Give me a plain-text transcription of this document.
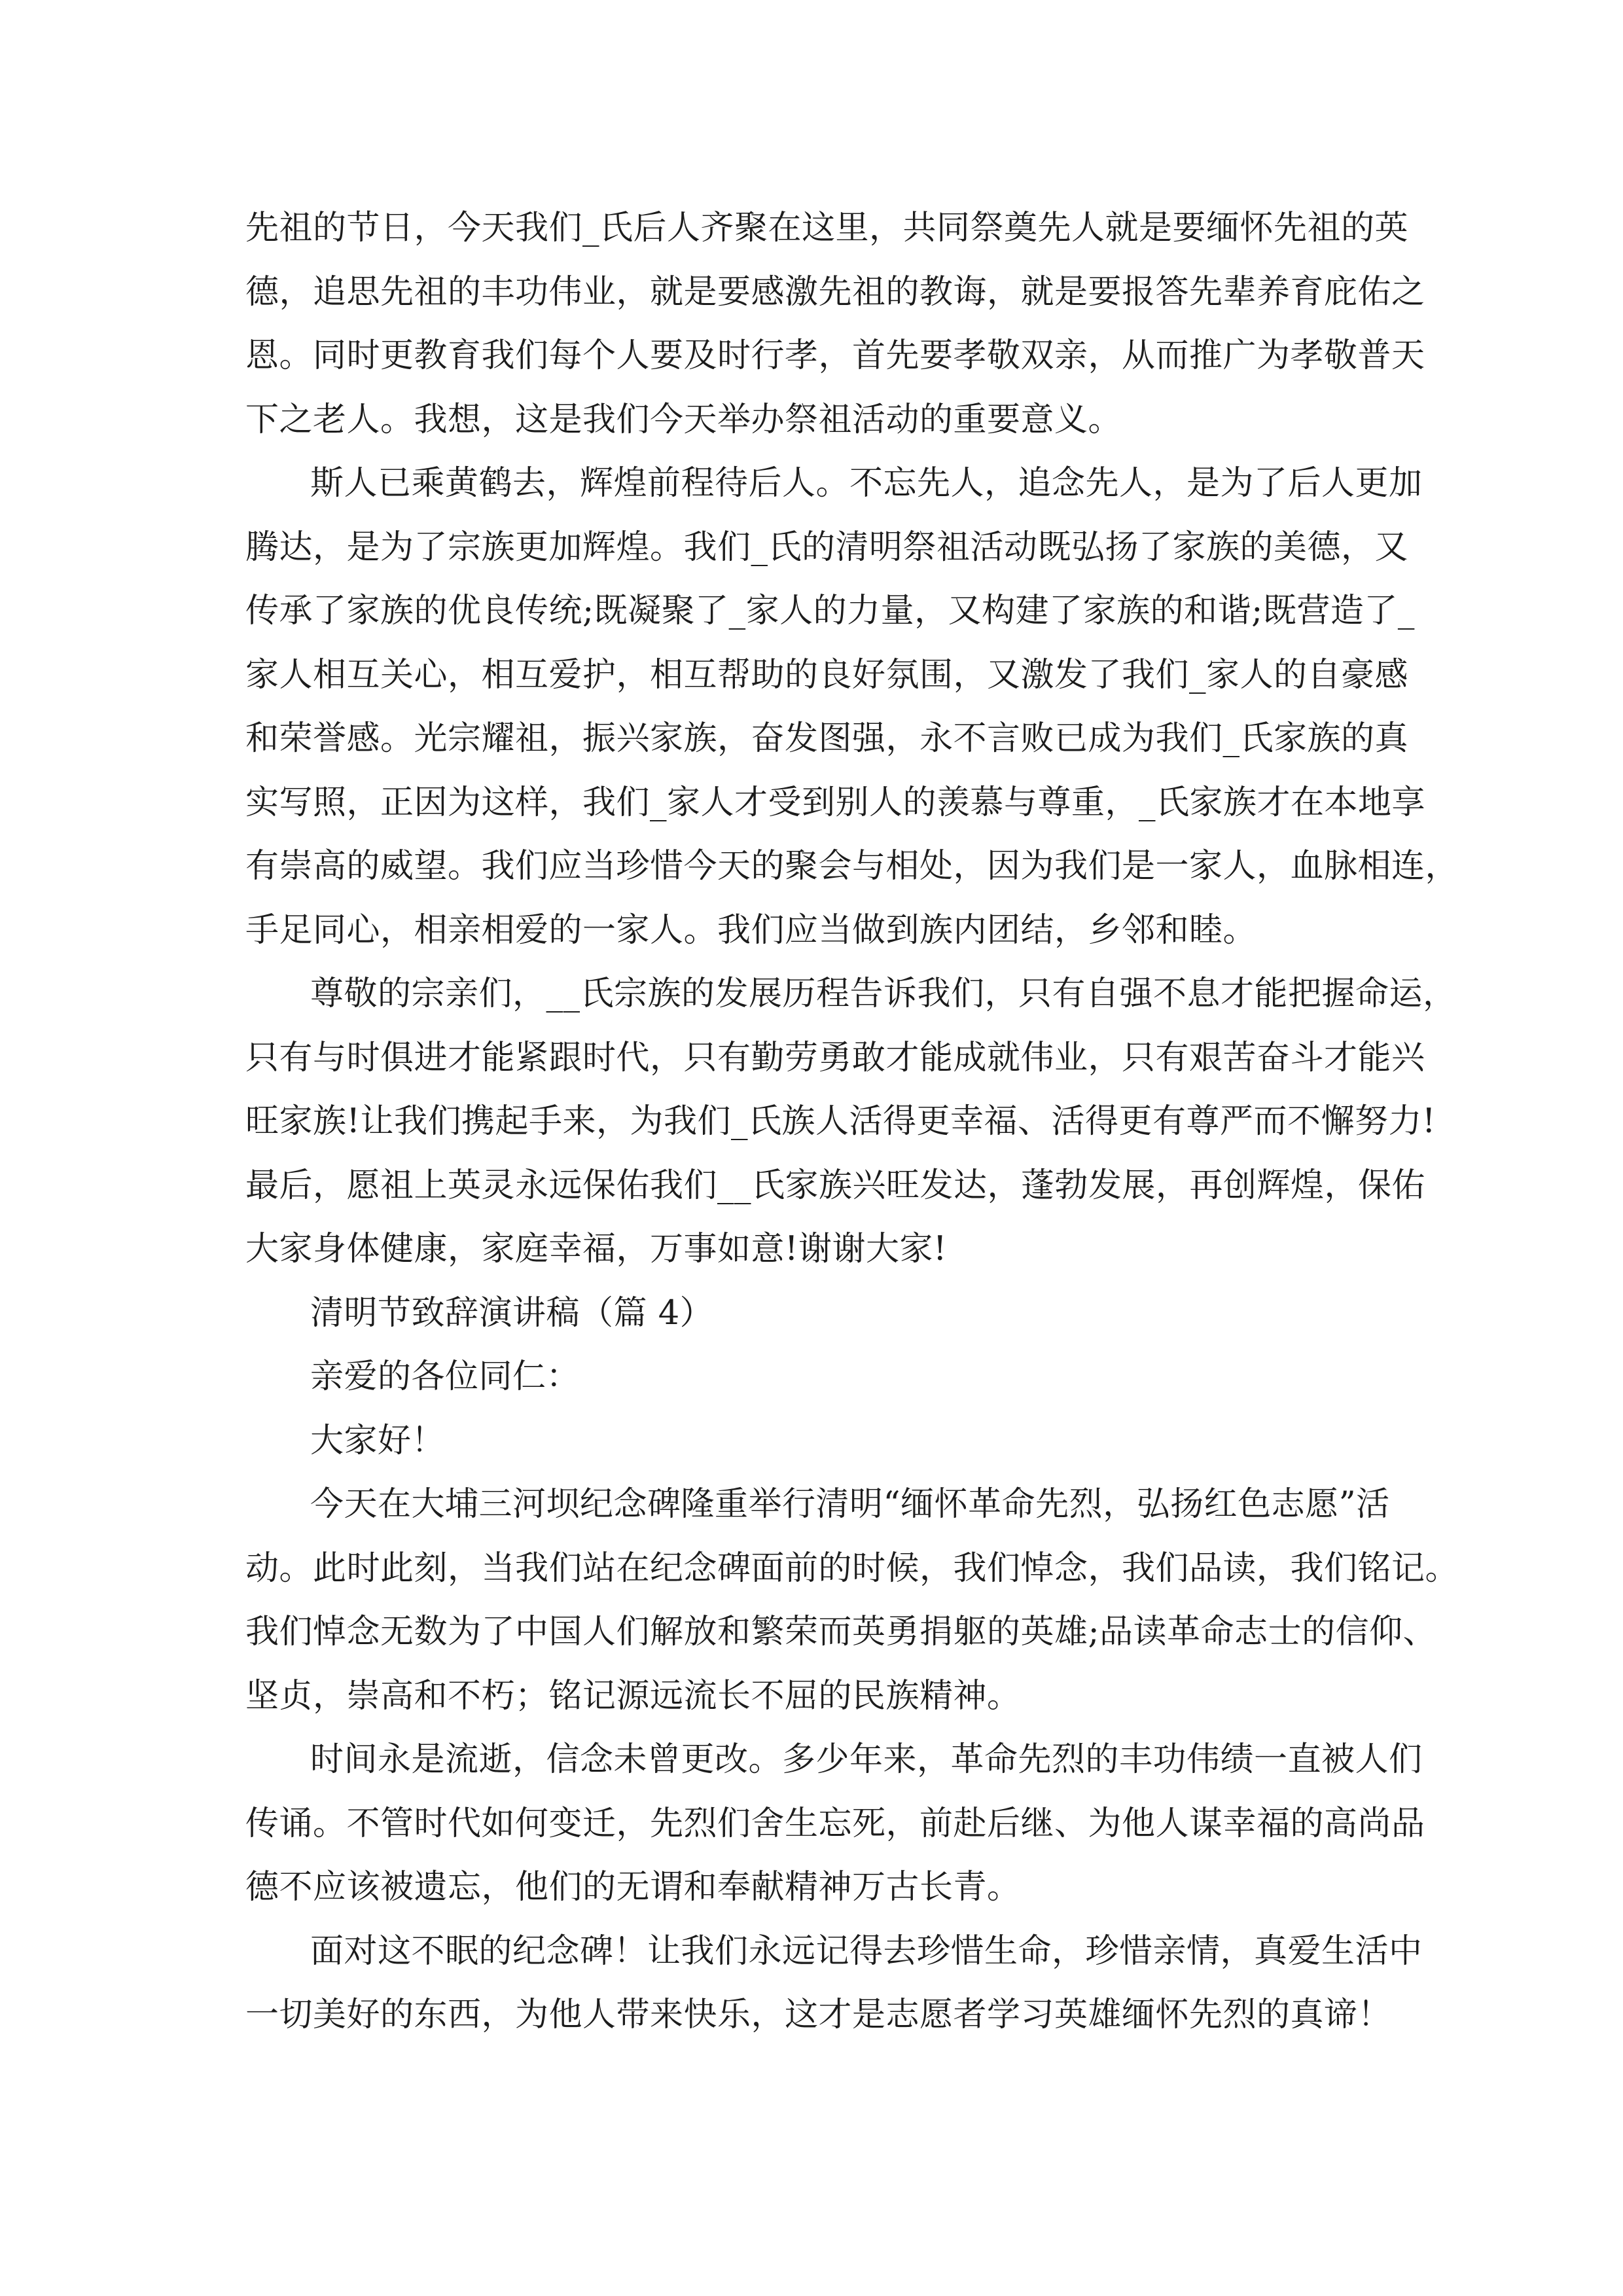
先祖的节日，今天我们_氏后人齐聚在这里，共同祭奠先人就是要缅怀先祖的英
德，追思先祖的丰功伟业，就是要感激先祖的教诲，就是要报答先辈养育庇佑之
恩。同时更教育我们每个人要及时行孝，首先要孝敬双亲，从而推广为孝敬普天
下之老人。我想，这是我们今天举办祭祖活动的重要意义。
斯人已乘黄鹤去，辉煌前程待后人。不忘先人，追念先人，是为了后人更加
腾达，是为了宗族更加辉煌。我们_氏的清明祭祖活动既弘扬了家族的美德，又
传承了家族的优良传统;既凝聚了_家人的力量，又构建了家族的和谐;既营造了_
家人相互关心，相互爱护，相互帮助的良好氛围，又激发了我们_家人的自豪感
和荣誉感。光宗耀祖，振兴家族，奋发图强，永不言败已成为我们_氏家族的真
实写照，正因为这样，我们_家人才受到别人的羡慕与尊重，_氏家族才在本地享
有崇高的威望。我们应当珍惜今天的聚会与相处，因为我们是一家人，血脉相连，
手足同心，相亲相爱的一家人。我们应当做到族内团结，乡邻和睦。
尊敬的宗亲们，__氏宗族的发展历程告诉我们，只有自强不息才能把握命运，
只有与时俱进才能紧跟时代，只有勤劳勇敢才能成就伟业，只有艰苦奋斗才能兴
旺家族!让我们携起手来，为我们_氏族人活得更幸福、活得更有尊严而不懈努力!
最后，愿祖上英灵永远保佑我们__氏家族兴旺发达，蓬勃发展，再创辉煌，保佑
大家身体健康，家庭幸福，万事如意!谢谢大家!
清明节致辞演讲稿（篇 4）
亲爱的各位同仁：
大家好！
今天在大埔三河坝纪念碑隆重举行清明“缅怀革命先烈，弘扬红色志愿”活
动。此时此刻，当我们站在纪念碑面前的时候，我们悼念，我们品读，我们铭记。
我们悼念无数为了中国人们解放和繁荣而英勇捐躯的英雄;品读革命志士的信仰、
坚贞，崇高和不朽；铭记源远流长不屈的民族精神。
时间永是流逝，信念未曾更改。多少年来，革命先烈的丰功伟绩一直被人们
传诵。不管时代如何变迁，先烈们舍生忘死，前赴后继、为他人谋幸福的高尚品
德不应该被遗忘，他们的无谓和奉献精神万古长青。
面对这不眠的纪念碑！让我们永远记得去珍惜生命，珍惜亲情，真爱生活中
一切美好的东西，为他人带来快乐，这才是志愿者学习英雄缅怀先烈的真谛！
